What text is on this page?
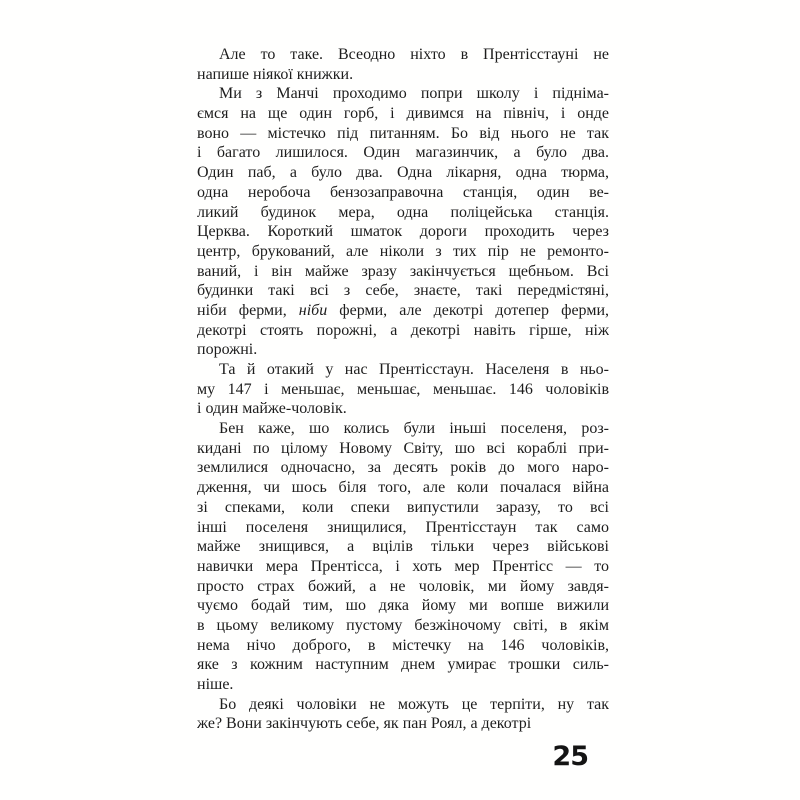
Але то таке. Всеодно ніхто в Прентісстауні не
напише ніякої книжки.
Ми з Манчі проходимо попри школу і підніма-
ємся на ще один горб, і дивимся на північ, і онде
воно — містечко під питанням. Бо від нього не так
і багато лишилося. Один магазинчик, а було два.
Один паб, а було два. Одна лікарня, одна тюрма,
одна неробоча бензозаправочна станція, один ве-
ликий будинок мера, одна поліцейська станція.
Церква. Короткий шматок дороги проходить через
центр, брукований, але ніколи з тих пір не ремонто-
ваний, і він майже зразу закінчується щебньом. Всі
будинки такі всі з себе, знаєте, такі передмістяні,
ніби ферми, ніби ферми, але декотрі дотепер ферми,
декотрі стоять порожні, а декотрі навіть гірше, ніж
порожні.
Та й отакий у нас Прентісстаун. Населеня в ньо-
му 147 і меньшає, меньшає, меньшає. 146 чоловіків
і один майже-чоловік.
Бен каже, шо колись були іньші поселеня, роз-
кидані по цілому Новому Світу, шо всі кораблі при-
землилися одночасно, за десять років до мого наро-
дження, чи шось біля того, але коли почалася війна
зі спеками, коли спеки випустили заразу, то всі
інші поселеня знищилися, Прентісстаун так само
майже знищився, а вцілів тільки через військові
навички мера Прентісса, і хоть мер Прентісс — то
просто страх божий, а не чоловік, ми йому завдя-
чуємо бодай тим, шо дяка йому ми вопше вижили
в цьому великому пустому безжіночому світі, в якім
нема нічо доброго, в містечку на 146 чоловіків,
яке з кожним наступним днем умирає трошки силь-
ніше.
Бо деякі чоловіки не можуть це терпіти, ну так
же? Вони закінчують себе, як пан Роял, а декотрі
25
